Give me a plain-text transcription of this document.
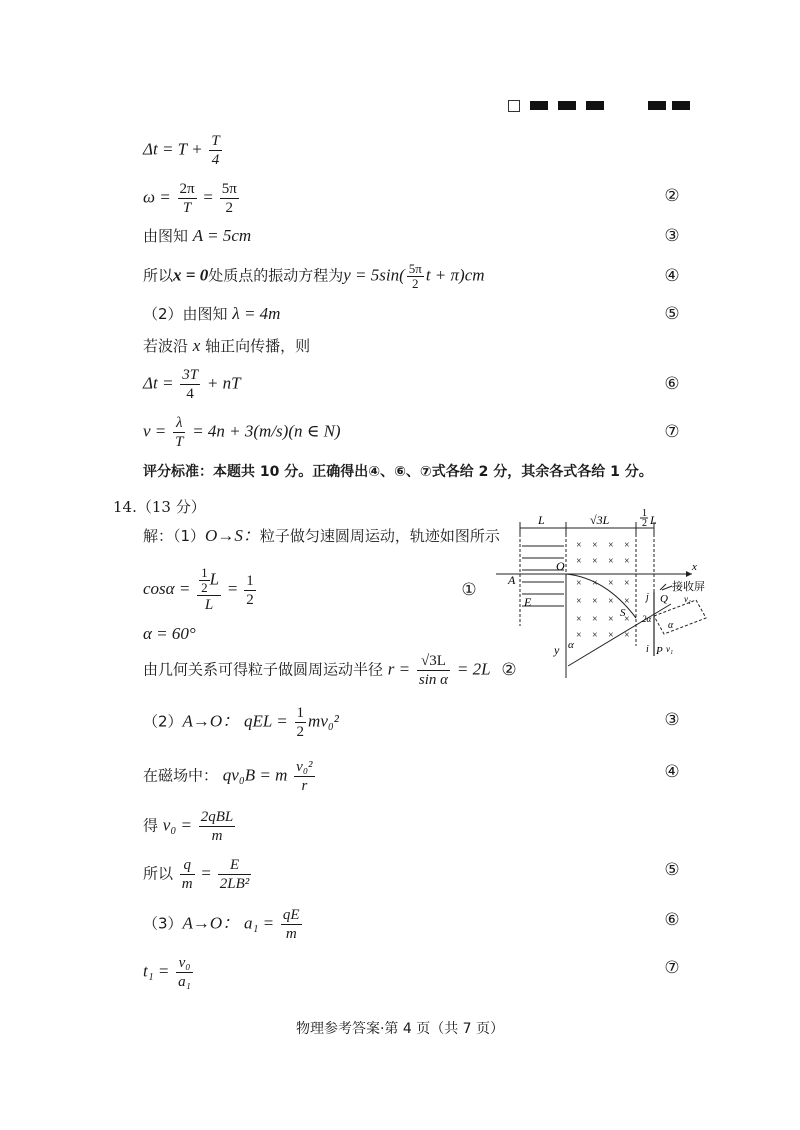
$\Delta t = T + \frac{T}{4}$
$\omega = \frac{2\pi}{T} = \frac{5\pi}{2}$	②
由图知 A = 5cm	③
所以x = 0处质点的振动方程为$y = 5\sin( \frac{5\pi}{2}$ t + π)cm	④
（2）由图知 λ = 4m	⑤
若波沿 x 轴正向传播，则
$\Delta t = \frac{3T}{4}$ + nT	⑥
$v = \frac{\lambda}{T} = 4n + 3(m/s)(n$ ∈ N)	⑦
评分标准：本题共 10 分。正确得出④、⑥、⑦式各给 2 分，其余各式各给 1 分。
14.（13 分）
解：（1）O→S：粒子做匀速圆周运动，轨迹如图所示
$\cos\alpha = \frac{\frac{1}{2} L}{L} = \frac{1}{2}$	①
α = 60°
由几何关系可得粒子做圆周运动半径 $r = \frac{√3L}{\text{sin α}} = 2L$ ②
（2）A→O： qEL = $\frac{1}{2} mv_0^2$	③
在磁场中： qv₀B = m $\frac{\text{v₀²}}{r}$	④
得 $v_0 = \frac{\text{2qBL}}{m}$
所以 $\frac{q}{m} = \frac{E}{\text{2LB²}}$	⑤
（3）A→O： $a_1 = \frac{qE}{m}$	⑥
$t_1 = \frac{\text{v₀}}{\text{a₁}}$	⑦
L	√3L	1
2 L
E
A
× × × ×
× × × ×
× × × ×
× × × ×
× × × ×
× × × ×
x
O
y α
S
Q
P
i
j
2α
α
v₁
v₁
接收屏
物理参考答案·第 4 页（共 7 页）
